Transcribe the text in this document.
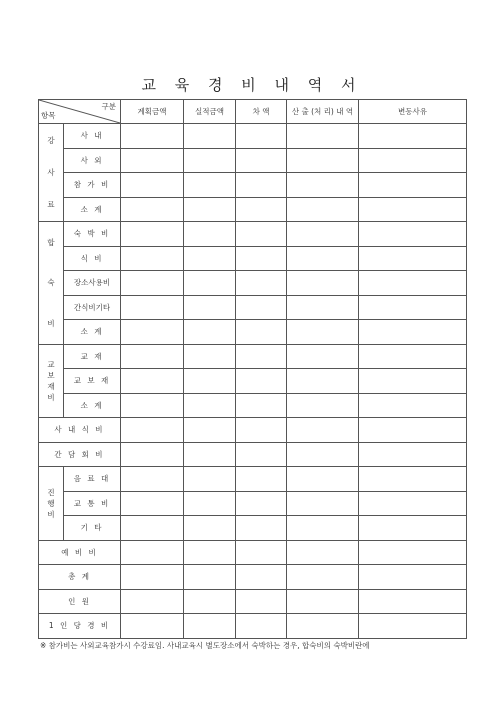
교 육 경 비 내 역 서
구분
항목		계획금액	실적금액	차 액	산 출 (처 리) 내 역	변동사유

강
사
료	사 내					
	사 외					
	참 가 비					
	소 계					

합
숙
비	숙 박 비					
	식 비					
	장소사용비					
	간식비기타					
	소 계					

교
보
재
비	교 재					
	교 보 재					
	소 계					
사 내 식 비						
간 담 회 비						

진
행
비	음 료 대					
	교 통 비					
	기 타					
예 비 비						
총 계						
인 원						
1 인 당 경 비						
※ 참가비는 사외교육참가시 수강료임. 사내교육시 별도장소에서 숙박하는 경우, 합숙비의 숙박비란에
